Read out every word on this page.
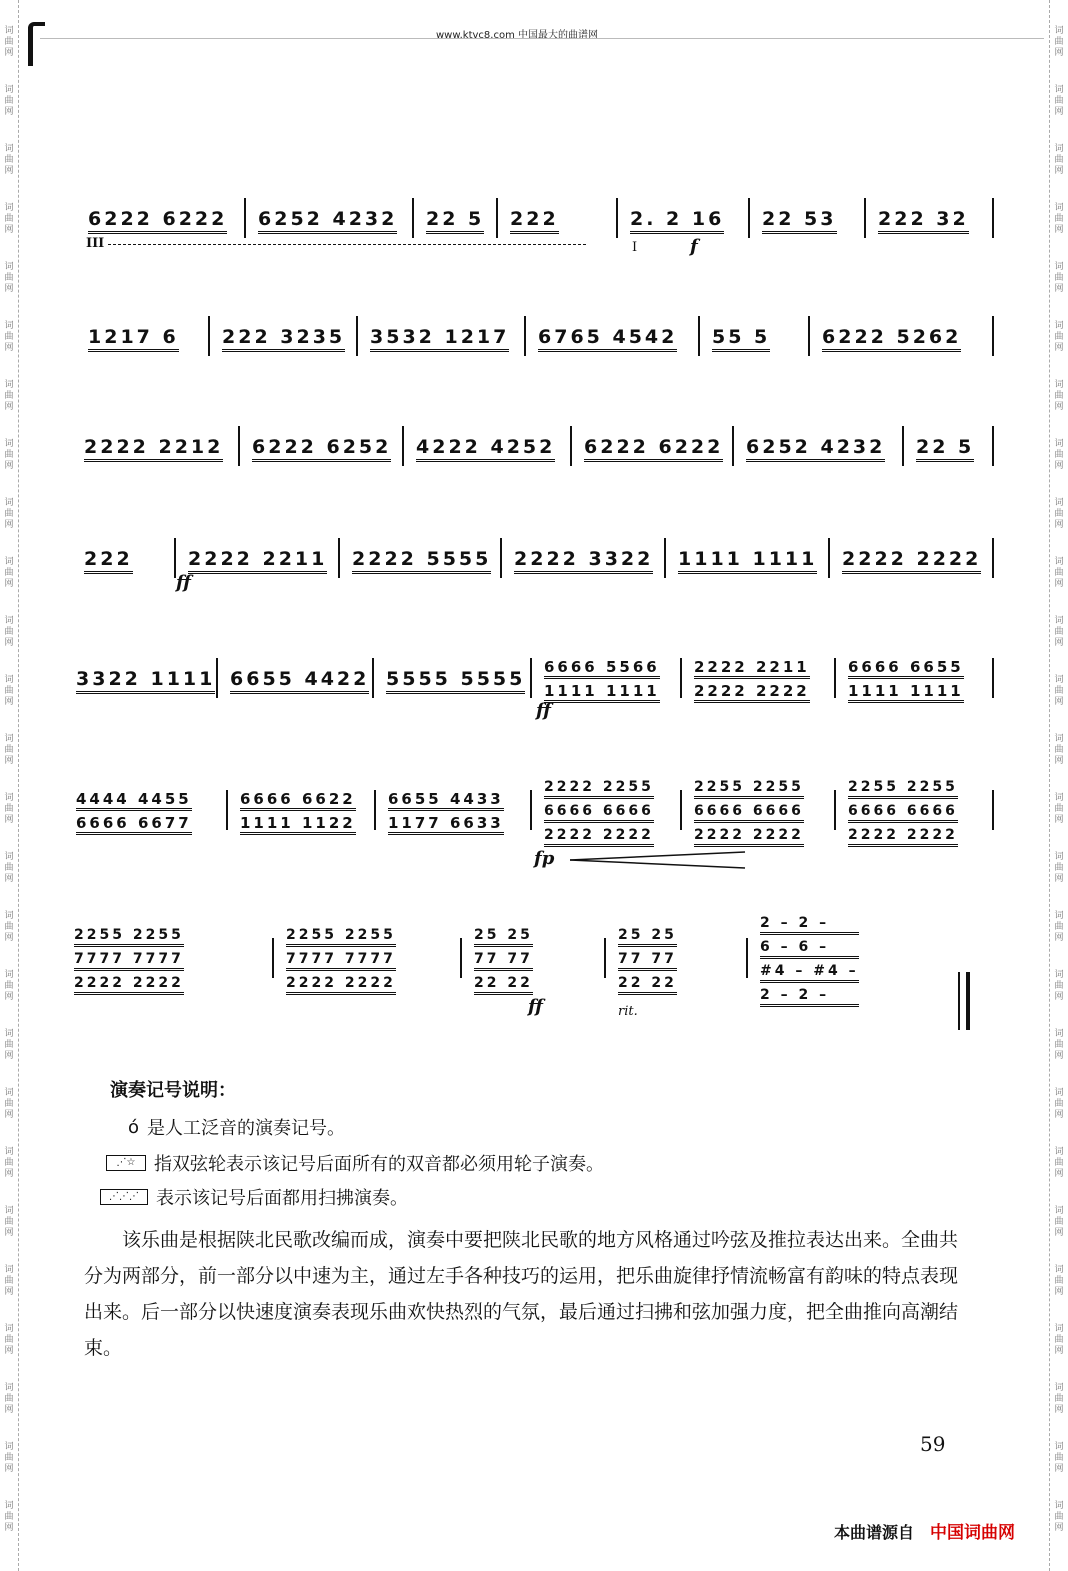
词
曲
网
词
曲
网
词
曲
网
词
曲
网
词
曲
网
词
曲
网
词
曲
网
词
曲
网
词
曲
网
词
曲
网
词
曲
网
词
曲
网
词
曲
网
词
曲
网
词
曲
网
词
曲
网
词
曲
网
词
曲
网
词
曲
网
词
曲
网
词
曲
网
词
曲
网
词
曲
网
词
曲
网
词
曲
网
词
曲
网
词
曲
网
词
曲
网
词
曲
网
词
曲
网
词
曲
网
词
曲
网
词
曲
网
词
曲
网
词
曲
网
词
曲
网
词
曲
网
词
曲
网
词
曲
网
词
曲
网
词
曲
网
词
曲
网
词
曲
网
词
曲
网
词
曲
网
词
曲
网
词
曲
网
词
曲
网
词
曲
网
词
曲
网
词
曲
网
词
曲
网
www.ktvc8.com 中国最大的曲谱网
6222 6222 6252 4232 22 5 222	2. 2 16 22 53 222 32
1217 6 222 3235 3532 1217 6765 4542 55 5	6222 5262
2222 2212 6222 6252 4222 4252 6222 6222 6252 4232 22 5
222	2222 2211 2222 5555 2222 3322 1111 1111 2222 2222
3322 1111 6655 4422 5555 5555
6666 5566
1111 1111
2222 2211
2222 2222
6666 6655
1111 1111
4444 4455
6666 6677
6666 6622
1111 1122
6655 4433
1177 6633
2222 2255
6666 6666
2222 2222
2255 2255
6666 6666
2222 2222
2255 2255
6666 6666
2222 2222
2255 2255
7777 7777
2222 2222
2255 2255
7777 7777
2222 2222
25 25
77 77
22 22
25 25
77 77
22 22
2 – 2 –
6 – 6 –
#4 – #4 –
2 – 2 –
III	I	f
ff
ff
fp
ff	rit.
演奏记号说明：
ó 是人工泛音的演奏记号。
⋰☆	指双弦轮表示该记号后面所有的双音都必须用轮子演奏。
⋰⋰⋰ 表示该记号后面都用扫拂演奏。
该乐曲是根据陕北民歌改编而成，演奏中要把陕北民歌的地方风格通过吟弦及推拉表达出来。全曲共分为两部分，前一部分以中速为主，通过左手各种技巧的运用，把乐曲旋律抒情流畅富有韵味的特点表现出来。后一部分以快速度演奏表现乐曲欢快热烈的气氛，最后通过扫拂和弦加强力度，把全曲推向高潮结束。
59
本曲谱源自 中国词曲网
